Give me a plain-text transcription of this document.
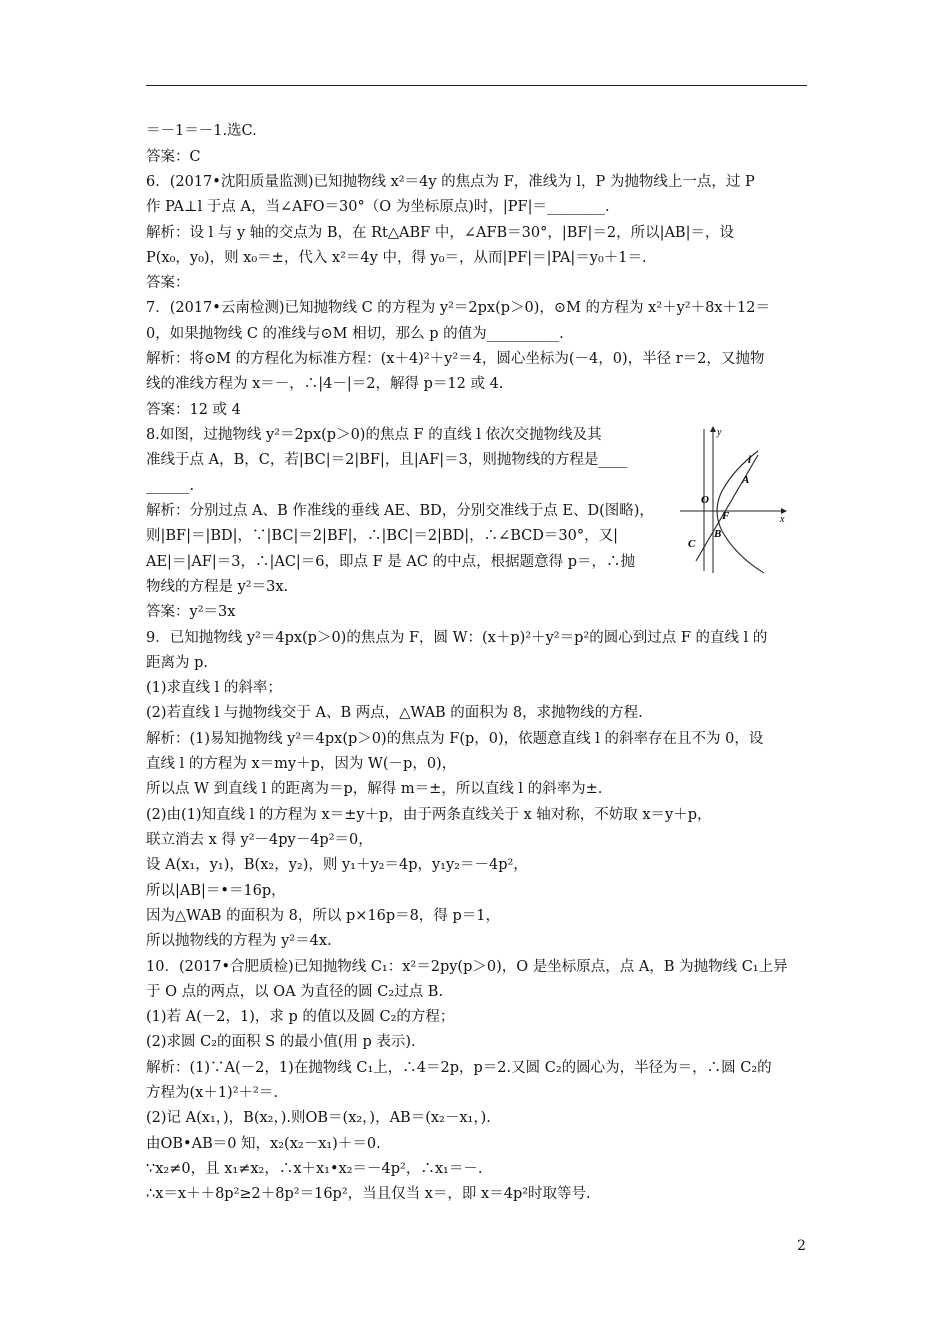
＝－1＝－1.选C.
答案：C
6．(2017•沈阳质量监测)已知抛物线 x²＝4y 的焦点为 F，准线为 l，P 为抛物线上一点，过 P
作 PA⊥l 于点 A，当∠AFO＝30°（O 为坐标原点)时，|PF|＝________.
解析：设 l 与 y 轴的交点为 B，在 Rt△ABF 中，∠AFB＝30°，|BF|＝2，所以|AB|＝，设
P(x₀，y₀)，则 x₀＝±，代入 x²＝4y 中，得 y₀＝，从而|PF|＝|PA|＝y₀＋1＝.
答案：
7．(2017•云南检测)已知抛物线 C 的方程为 y²＝2px(p＞0)，⊙M 的方程为 x²＋y²＋8x＋12＝
0，如果抛物线 C 的准线与⊙M 相切，那么 p 的值为__________.
解析：将⊙M 的方程化为标准方程：(x＋4)²＋y²＝4，圆心坐标为(－4，0)，半径 r＝2，又抛物
线的准线方程为 x＝－，∴|4－|＝2，解得 p＝12 或 4.
答案：12 或 4
8.如图，过抛物线 y²＝2px(p＞0)的焦点 F 的直线 l 依次交抛物线及其
准线于点 A，B，C，若|BC|＝2|BF|，且|AF|＝3，则抛物线的方程是____
______.
解析：分别过点 A、B 作准线的垂线 AE、BD，分别交准线于点 E、D(图略)，
则|BF|＝|BD|，∵|BC|＝2|BF|，∴|BC|＝2|BD|，∴∠BCD＝30°，又|
AE|＝|AF|＝3，∴|AC|＝6，即点 F 是 AC 的中点，根据题意得 p＝，∴抛
物线的方程是 y²＝3x.
答案：y²＝3x
9．已知抛物线 y²＝4px(p＞0)的焦点为 F，圆 W：(x＋p)²＋y²＝p²的圆心到过点 F 的直线 l 的
距离为 p.
(1)求直线 l 的斜率；
(2)若直线 l 与抛物线交于 A、B 两点，△WAB 的面积为 8，求抛物线的方程.
解析：(1)易知抛物线 y²＝4px(p＞0)的焦点为 F(p，0)，依题意直线 l 的斜率存在且不为 0，设
直线 l 的方程为 x＝my＋p，因为 W(－p，0)，
所以点 W 到直线 l 的距离为＝p，解得 m＝±，所以直线 l 的斜率为±.
(2)由(1)知直线 l 的方程为 x＝±y＋p，由于两条直线关于 x 轴对称，不妨取 x＝y＋p，
联立消去 x 得 y²－4py－4p²＝0，
设 A(x₁，y₁)，B(x₂，y₂)，则 y₁＋y₂＝4p，y₁y₂＝－4p²，
所以|AB|＝•＝16p，
因为△WAB 的面积为 8，所以 p×16p＝8，得 p＝1，
所以抛物线的方程为 y²＝4x.
10．(2017•合肥质检)已知抛物线 C₁：x²＝2py(p＞0)，O 是坐标原点，点 A，B 为抛物线 C₁上异
于 O 点的两点，以 OA 为直径的圆 C₂过点 B.
(1)若 A(－2，1)，求 p 的值以及圆 C₂的方程；
(2)求圆 C₂的面积 S 的最小值(用 p 表示).
解析：(1)∵A(－2，1)在抛物线 C₁上，∴4＝2p，p＝2.又圆 C₂的圆心为，半径为＝，∴圆 C₂的
方程为(x＋1)²＋²＝.
(2)记 A(x₁，)，B(x₂，).则OB＝(x₂，)，AB＝(x₂－x₁，).
由OB•AB＝0 知，x₂(x₂－x₁)＋＝0.
∵x₂≠0，且 x₁≠x₂，∴x＋x₁•x₂＝－4p²，∴x₁＝－.
∴x＝x＋＋8p²≥2＋8p²＝16p²，当且仅当 x＝，即 x＝4p²时取等号.
y
x
O
F
A
B
C
l
2
